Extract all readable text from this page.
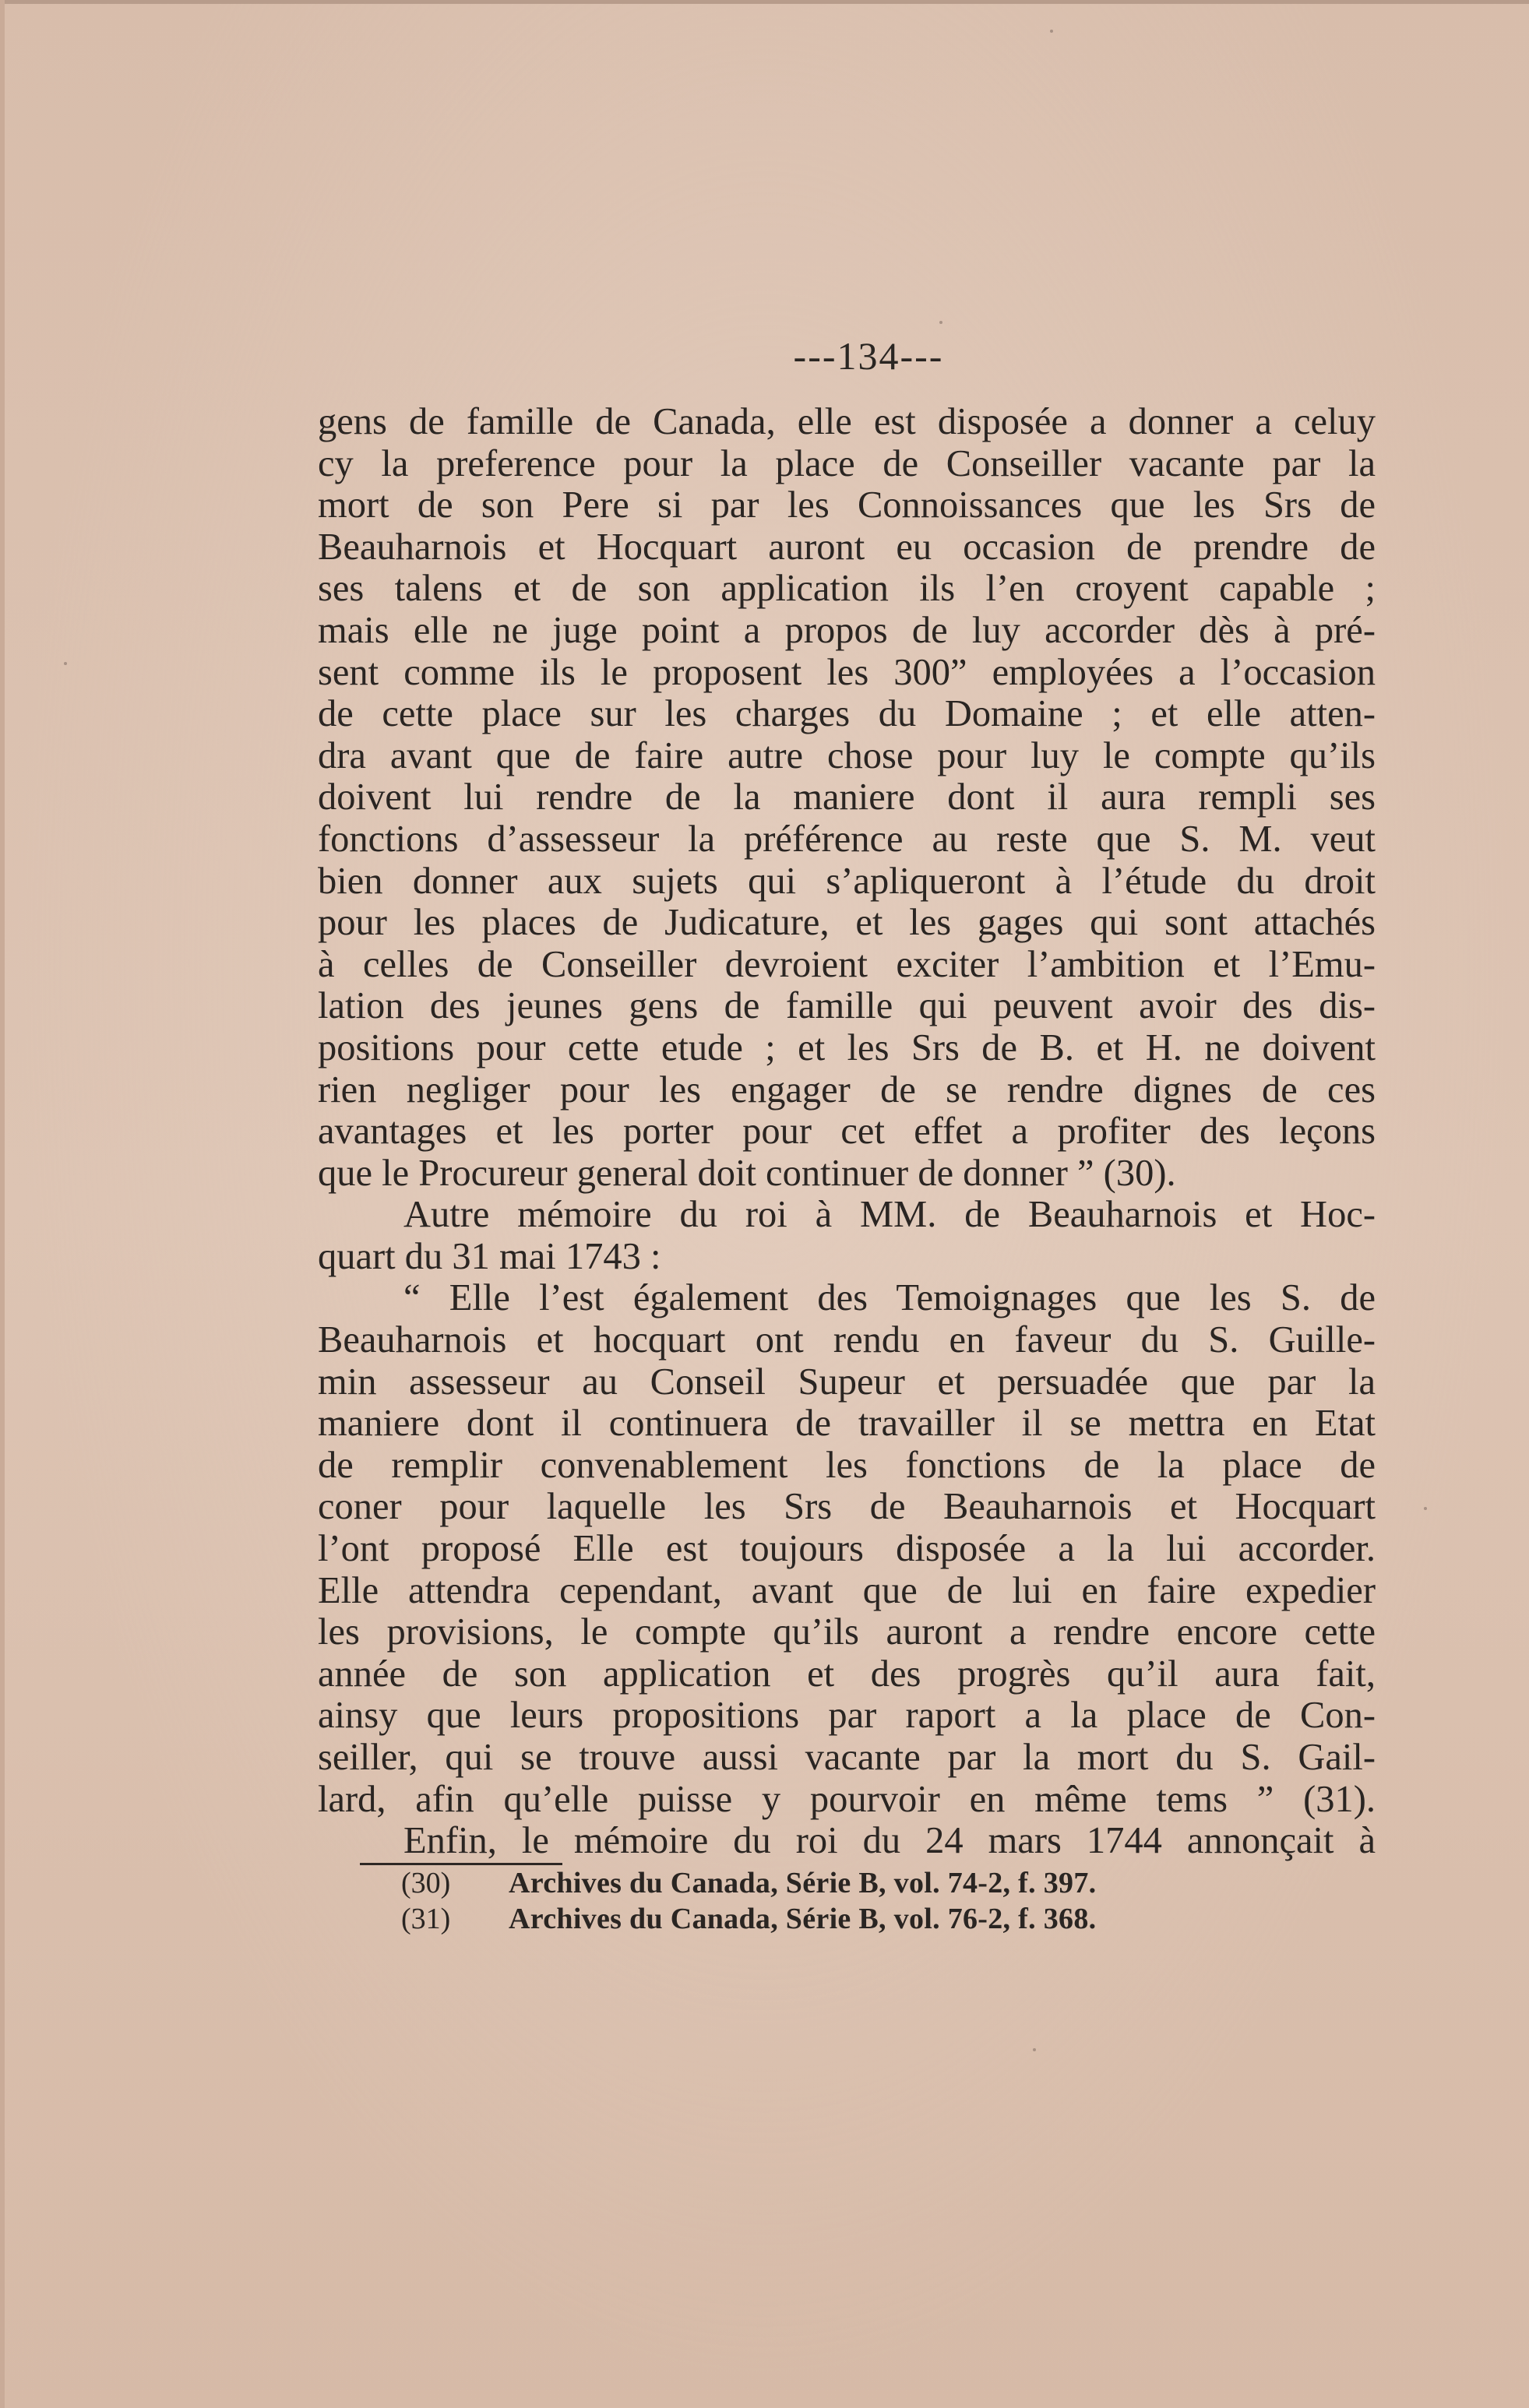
---134---
gens de famille de Canada, elle est disposée a donner a celuy
cy la preference pour la place de Conseiller vacante par la
mort de son Pere si par les Connoissances que les Srs de
Beauharnois et Hocquart auront eu occasion de prendre de
ses talens et de son application ils l’en croyent capable ;
mais elle ne juge point a propos de luy accorder dès à pré-
sent comme ils le proposent les 300” employées a l’occasion
de cette place sur les charges du Domaine ; et elle atten-
dra avant que de faire autre chose pour luy le compte qu’ils
doivent lui rendre de la maniere dont il aura rempli ses
fonctions d’assesseur la préférence au reste que S. M. veut
bien donner aux sujets qui s’apliqueront à l’étude du droit
pour les places de Judicature, et les gages qui sont attachés
à celles de Conseiller devroient exciter l’ambition et l’Emu-
lation des jeunes gens de famille qui peuvent avoir des dis-
positions pour cette etude ; et les Srs de B. et H. ne doivent
rien negliger pour les engager de se rendre dignes de ces
avantages et les porter pour cet effet a profiter des leçons
que le Procureur general doit continuer de donner ” (30).
Autre mémoire du roi à MM. de Beauharnois et Hoc-
quart du 31 mai 1743 :
“ Elle l’est également des Temoignages que les S. de
Beauharnois et hocquart ont rendu en faveur du S. Guille-
min assesseur au Conseil Supeur et persuadée que par la
maniere dont il continuera de travailler il se mettra en Etat
de remplir convenablement les fonctions de la place de
coner pour laquelle les Srs de Beauharnois et Hocquart
l’ont proposé Elle est toujours disposée a la lui accorder.
Elle attendra cependant, avant que de lui en faire expedier
les provisions, le compte qu’ils auront a rendre encore cette
année de son application et des progrès qu’il aura fait,
ainsy que leurs propositions par raport a la place de Con-
seiller, qui se trouve aussi vacante par la mort du S. Gail-
lard, afin qu’elle puisse y pourvoir en même tems ” (31).
Enfin, le mémoire du roi du 24 mars 1744 annonçait à
(30) Archives du Canada, Série B, vol. 74-2, f. 397.
(31) Archives du Canada, Série B, vol. 76-2, f. 368.
